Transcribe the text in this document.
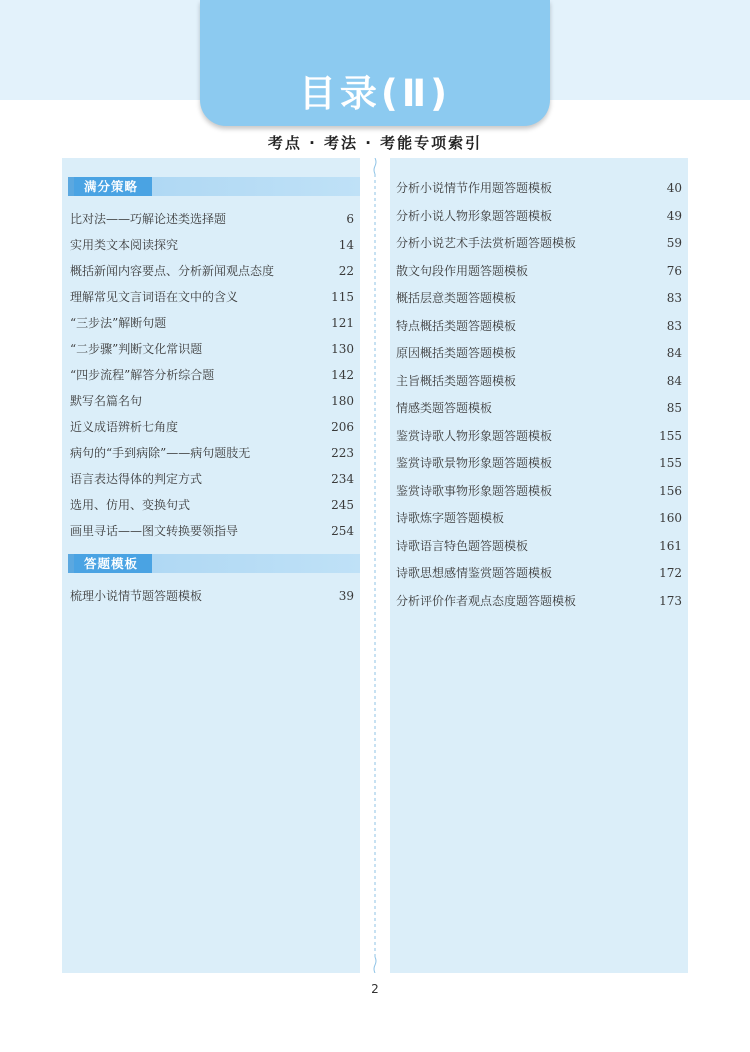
目录(Ⅱ)
考点 · 考法 · 考能专项索引
满分策略
比对法——巧解论述类选择题	6
实用类文本阅读探究	14
概括新闻内容要点、分析新闻观点态度	22
理解常见文言词语在文中的含义	115
“三步法”解断句题	121
“二步骤”判断文化常识题	130
“四步流程”解答分析综合题	142
默写名篇名句	180
近义成语辨析七角度	206
病句的“手到病除”——病句题肢无	223
语言表达得体的判定方式	234
选用、仿用、变换句式	245
画里寻话——图文转换要领指导	254
答题模板
梳理小说情节题答题模板	39
分析小说情节作用题答题模板	40
分析小说人物形象题答题模板	49
分析小说艺术手法赏析题答题模板	59
散文句段作用题答题模板	76
概括层意类题答题模板	83
特点概括类题答题模板	83
原因概括类题答题模板	84
主旨概括类题答题模板	84
情感类题答题模板	85
鉴赏诗歌人物形象题答题模板	155
鉴赏诗歌景物形象题答题模板	155
鉴赏诗歌事物形象题答题模板	156
诗歌炼字题答题模板	160
诗歌语言特色题答题模板	161
诗歌思想感情鉴赏题答题模板	172
分析评价作者观点态度题答题模板	173
2
